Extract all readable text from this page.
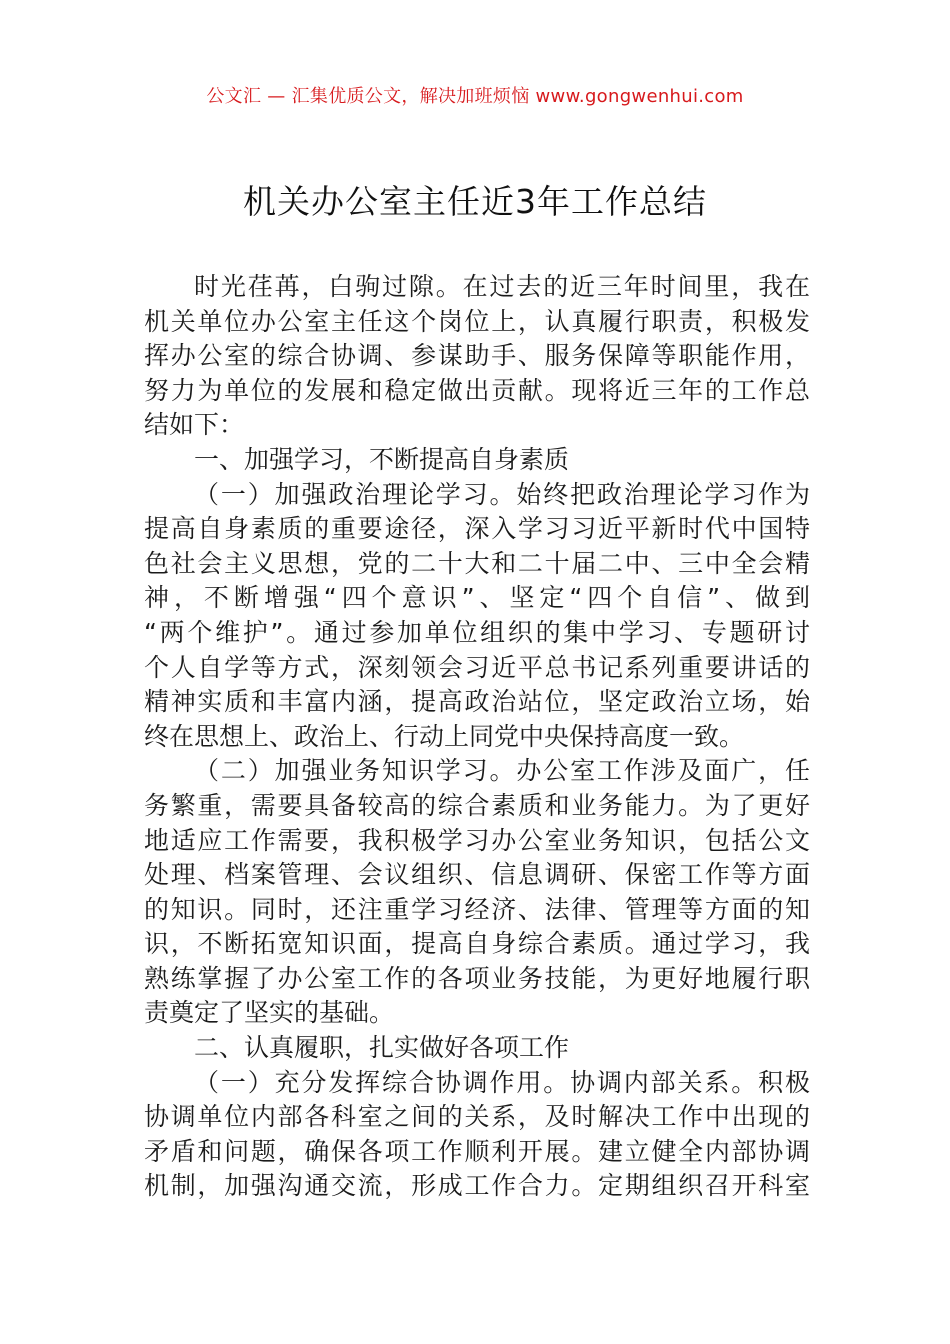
公文汇 — 汇集优质公文，解决加班烦恼 www.gongwenhui.com
机关办公室主任近3年工作总结
时光荏苒，白驹过隙。在过去的近三年时间里，我在
机关单位办公室主任这个岗位上，认真履行职责，积极发
挥办公室的综合协调、参谋助手、服务保障等职能作用，
努力为单位的发展和稳定做出贡献。现将近三年的工作总
结如下：
一、加强学习，不断提高自身素质
（一）加强政治理论学习。始终把政治理论学习作为
提高自身素质的重要途径，深入学习习近平新时代中国特
色社会主义思想，党的二十大和二十届二中、三中全会精
神，不断增强“四个意识”、坚定“四个自信”、做到
“两个维护”。通过参加单位组织的集中学习、专题研讨
个人自学等方式，深刻领会习近平总书记系列重要讲话的
精神实质和丰富内涵，提高政治站位，坚定政治立场，始
终在思想上、政治上、行动上同党中央保持高度一致。
（二）加强业务知识学习。办公室工作涉及面广，任
务繁重，需要具备较高的综合素质和业务能力。为了更好
地适应工作需要，我积极学习办公室业务知识，包括公文
处理、档案管理、会议组织、信息调研、保密工作等方面
的知识。同时，还注重学习经济、法律、管理等方面的知
识，不断拓宽知识面，提高自身综合素质。通过学习，我
熟练掌握了办公室工作的各项业务技能，为更好地履行职
责奠定了坚实的基础。
二、认真履职，扎实做好各项工作
（一）充分发挥综合协调作用。协调内部关系。积极
协调单位内部各科室之间的关系，及时解决工作中出现的
矛盾和问题，确保各项工作顺利开展。建立健全内部协调
机制，加强沟通交流，形成工作合力。定期组织召开科室
